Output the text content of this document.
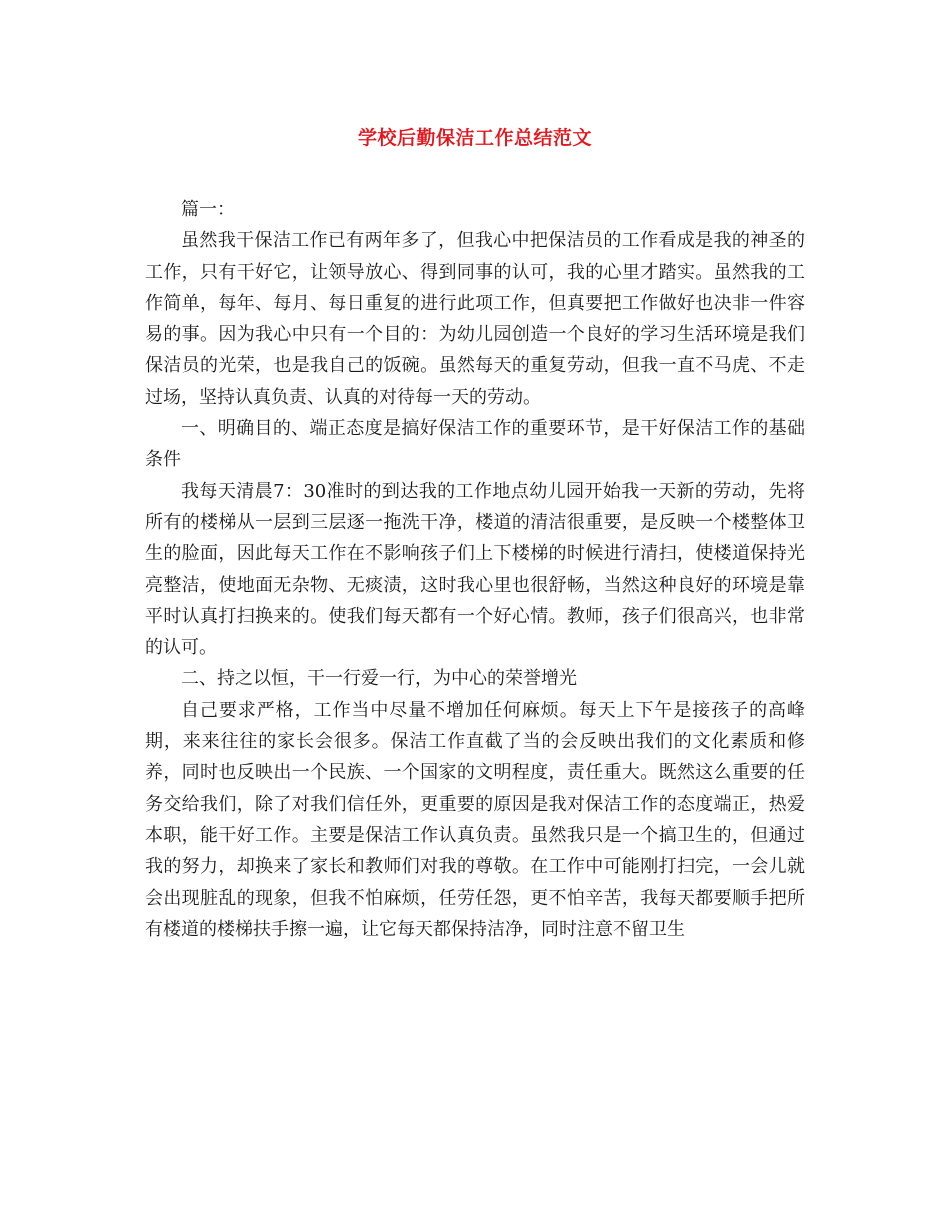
学校后勤保洁工作总结范文

篇一：

虽然我干保洁工作已有两年多了，但我心中把保洁员的工作看成是我的神圣的工作，只有干好它，让领导放心、得到同事的认可，我的心里才踏实。虽然我的工作简单，每年、每月、每日重复的进行此项工作，但真要把工作做好也决非一件容易的事。因为我心中只有一个目的：为幼儿园创造一个良好的学习生活环境是我们保洁员的光荣，也是我自己的饭碗。虽然每天的重复劳动，但我一直不马虎、不走过场，坚持认真负责、认真的对待每一天的劳动。

一、明确目的、端正态度是搞好保洁工作的重要环节，是干好保洁工作的基础条件

我每天清晨7：30准时的到达我的工作地点幼儿园开始我一天新的劳动，先将所有的楼梯从一层到三层逐一拖洗干净，楼道的清洁很重要，是反映一个楼整体卫生的脸面，因此每天工作在不影响孩子们上下楼梯的时候进行清扫，使楼道保持光亮整洁，使地面无杂物、无痰渍，这时我心里也很舒畅，当然这种良好的环境是靠平时认真打扫换来的。使我们每天都有一个好心情。教师，孩子们很高兴，也非常的认可。

二、持之以恒，干一行爱一行，为中心的荣誉增光

自己要求严格，工作当中尽量不增加任何麻烦。每天上下午是接孩子的高峰期，来来往往的家长会很多。保洁工作直截了当的会反映出我们的文化素质和修养，同时也反映出一个民族、一个国家的文明程度，责任重大。既然这么重要的任务交给我们，除了对我们信任外，更重要的原因是我对保洁工作的态度端正，热爱本职，能干好工作。主要是保洁工作认真负责。虽然我只是一个搞卫生的，但通过我的努力，却换来了家长和教师们对我的尊敬。在工作中可能刚打扫完，一会儿就会出现脏乱的现象，但我不怕麻烦，任劳任怨，更不怕辛苦，我每天都要顺手把所有楼道的楼梯扶手擦一遍，让它每天都保持洁净，同时注意不留卫生
